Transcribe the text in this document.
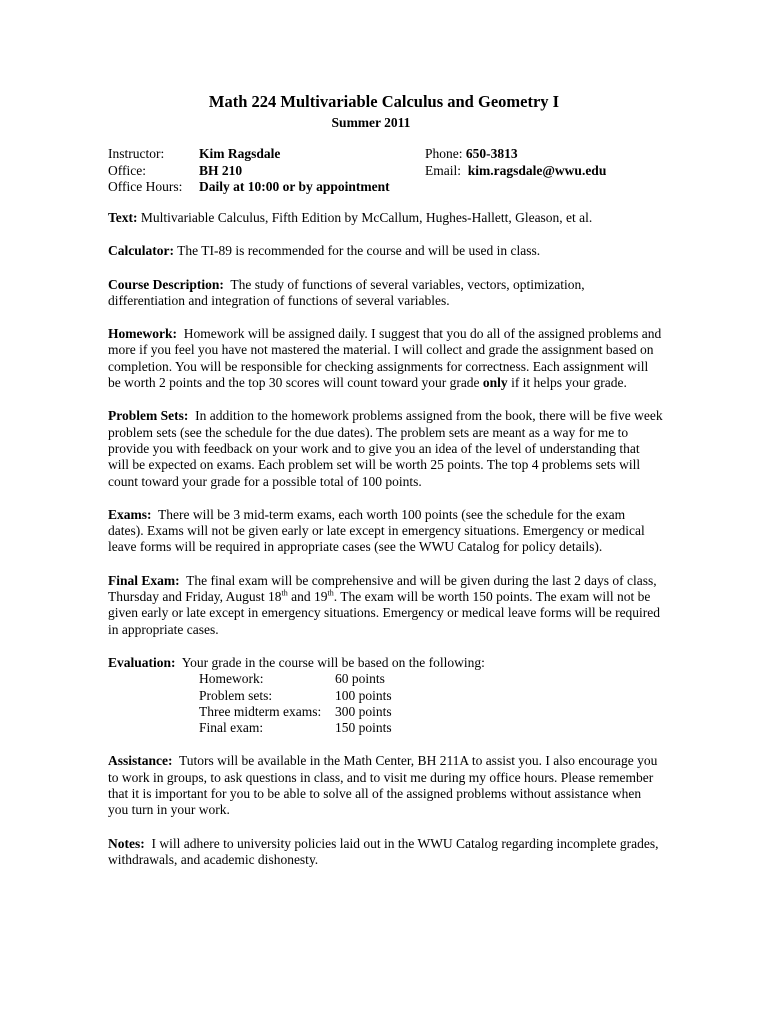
Math 224 Multivariable Calculus and Geometry I
Summer 2011
Instructor:	Kim Ragsdale	Phone: 650-3813
Office:	BH 210	Email: kim.ragsdale@wwu.edu
Office Hours: Daily at 10:00 or by appointment

Text: Multivariable Calculus, Fifth Edition by McCallum, Hughes-Hallett, Gleason, et al.

Calculator: The TI-89 is recommended for the course and will be used in class.

Course Description: The study of functions of several variables, vectors, optimization, differentiation and integration of functions of several variables.

Homework: Homework will be assigned daily. I suggest that you do all of the assigned problems and more if you feel you have not mastered the material. I will collect and grade the assignment based on completion. You will be responsible for checking assignments for correctness. Each assignment will be worth 2 points and the top 30 scores will count toward your grade only if it helps your grade.

Problem Sets: In addition to the homework problems assigned from the book, there will be five week problem sets (see the schedule for the due dates). The problem sets are meant as a way for me to provide you with feedback on your work and to give you an idea of the level of understanding that will be expected on exams. Each problem set will be worth 25 points. The top 4 problems sets will count toward your grade for a possible total of 100 points.

Exams: There will be 3 mid-term exams, each worth 100 points (see the schedule for the exam dates). Exams will not be given early or late except in emergency situations. Emergency or medical leave forms will be required in appropriate cases (see the WWU Catalog for policy details).

Final Exam: The final exam will be comprehensive and will be given during the last 2 days of class, Thursday and Friday, August 18th and 19th. The exam will be worth 150 points. The exam will not be given early or late except in emergency situations. Emergency or medical leave forms will be required in appropriate cases.

Evaluation: Your grade in the course will be based on the following:
Homework:	60 points
Problem sets:	100 points
Three midterm exams: 300 points
Final exam:	150 points

Assistance: Tutors will be available in the Math Center, BH 211A to assist you. I also encourage you to work in groups, to ask questions in class, and to visit me during my office hours. Please remember that it is important for you to be able to solve all of the assigned problems without assistance when you turn in your work.

Notes: I will adhere to university policies laid out in the WWU Catalog regarding incomplete grades, withdrawals, and academic dishonesty.
